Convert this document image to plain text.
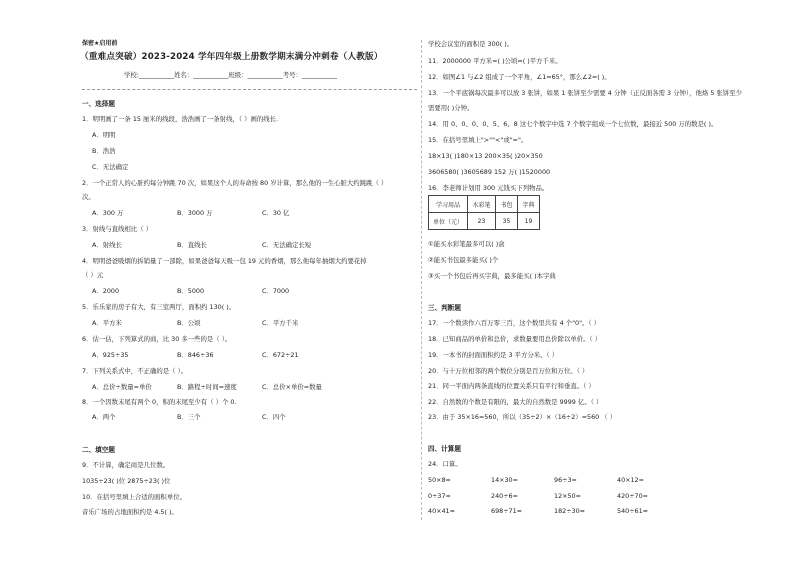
保密★启用前
（重难点突破）2023-2024 学年四年级上册数学期末满分冲刺卷（人教版）
学校:___________姓名：___________班级：___________考号：___________
一、选择题
1．明明画了一条 15 厘米的线段，浩浩画了一条射线，（ ）画的线长.
A．明明
B．浩浩
C．无法确定
2．一个正常人的心脏约每分钟跳 70 次，如果这个人的寿命按 80 岁计算，那么他的一生心脏大约跳跳（ ）
次。
A．300 万	B．3000 万	C．30 亿
3．射线与直线相比（ ）
A．射线长	B．直线长	C．无法确定长短
4．明明爸爸吸烟的拆销量了一部除，如果爸爸每天吸一包 19 元的香烟，那么他每年抽烟大约要花掉
（ ）元
A．2000	B．5000	C．7000
5．乐乐家的房子有大，有三室两厅，面积约 130( )。
A．平方米	B．公顷	C．平方千米
6．估一估，下列算式的商，比 30 多一些的是（ ）。
A．925÷35	B．846÷36	C．672÷21
7．下列关系式中，不正确的是（ ）。
A．总价÷数量=单价	B．路程÷时间=速度	C．总价×单价=数量
8．一个因数末尾有两个 0，积的末尾至少有（ ）个 0.
A．两个	B．三个	C．四个
二、填空题
9．不计算，确定商是几位数。
1035÷23( )位 2875÷23( )位
10．在括号里填上合适的面积单位。
音乐广场的占地面积约是 4.5( )。
学校会议室的面积是 300( )。
11．2000000 平方米=( )公顷=( )平方千米。
12．如图∠1 与∠2 组成了一个平角，∠1=65°，那么∠2=( )。
13．一个平底锅每次最多可以放 3 张饼，如果 1 张饼至少需要 4 分钟（正反面各需 3 分钟），他烙 5 张饼至少
需要用( )分钟。
14．用 0、0、0、0、5、6、8 这七个数字中选 7 个数字组成一个七位数，最接近 500 万的数是( )。
15．在括号里填上">""<"或"="。
18×13( )180×13 200×35( )20×350
3606580( )3605689 152 万( )1520000
16．李老师计划用 300 元钱买下列物品。
学习用品	水彩笔	书包	字典
单位（元）	23	35	19
①能买水彩笔最多可以( )盒
②能买书包最多能买( )个
③买一个书包后再买字典，最多能买( )本字典
三、判断题
17．一个数读作六百万零三百，这个数里共有 4 个"0"。（ ）
18．已知商品的单价和总价，求数量要用总价除以单价。（ ）
19．一本书的封面面积约是 3 平方分米。（ ）
20．与十万位相邻的两个数位分别是百万位和万位。（ ）
21．同一平面内两条直线的位置关系只有平行和垂直。（ ）
22．自然数的个数是有限的，最大的自然数是 9999 亿。（ ）
23．由于 35×16=560，所以（35÷2）×（16÷2）=560 （ ）
四、计算题
24．口算。
50×8=	14×30=	96÷3=	40×12=
0÷37=	240÷6=	12×50=	420÷70=
40×41≈	698÷71≈	182÷30≈	540÷61≈
